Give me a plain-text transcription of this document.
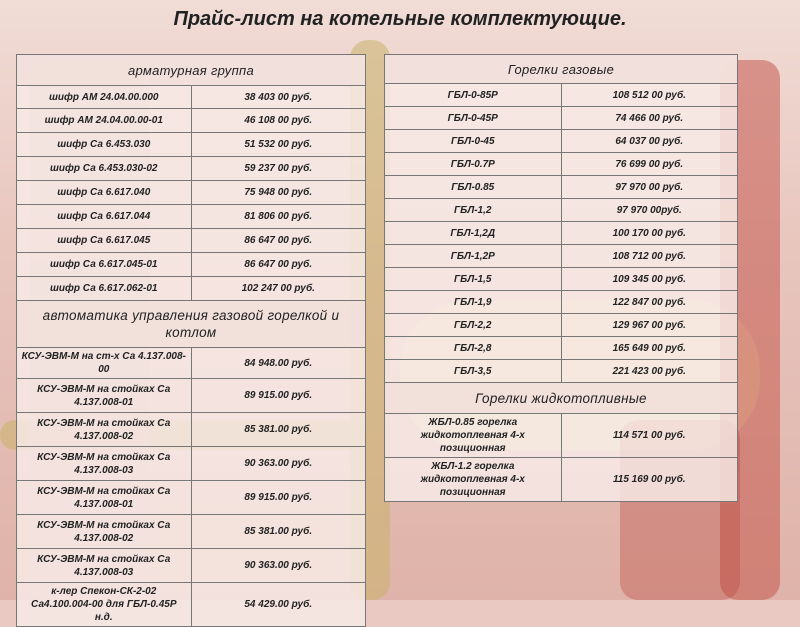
Прайс-лист на котельные комплектующие.
арматурная группа	
шифр АМ 24.04.00.000	38 403 00 руб.
шифр АМ 24.04.00.00-01	46 108 00 руб.
шифр Са 6.453.030	51 532 00 руб.
шифр Са 6.453.030-02	59 237 00 руб.
шифр Са 6.617.040	75 948 00 руб.
шифр Са 6.617.044	81 806 00 руб.
шифр Са 6.617.045	86 647 00 руб.
шифр Са 6.617.045-01	86 647 00 руб.
шифр Са 6.617.062-01	102 247 00 руб.
автоматика управления газовой горелкой и котлом	
КСУ-ЭВМ-М на ст-х Са 4.137.008-00	84 948.00 руб.
КСУ-ЭВМ-М на стойках Са 4.137.008-01	89 915.00 руб.
КСУ-ЭВМ-М на стойках Са 4.137.008-02	85 381.00 руб.
КСУ-ЭВМ-М на стойках Са 4.137.008-03	90 363.00 руб.
КСУ-ЭВМ-М на стойках Са 4.137.008-01	89 915.00 руб.
КСУ-ЭВМ-М на стойках Са 4.137.008-02	85 381.00 руб.
КСУ-ЭВМ-М на стойках Са 4.137.008-03	90 363.00 руб.
к-лер Спекон-СК-2-02 Са4.100.004-00 для ГБЛ-0.45Р н.д.	54 429.00 руб.
Горелки газовые	
ГБЛ-0-85Р	108 512 00 руб.
ГБЛ-0-45Р	74 466 00 руб.
ГБЛ-0-45	64 037 00 руб.
ГБЛ-0.7Р	76 699 00 руб.
ГБЛ-0.85	97 970 00 руб.
ГБЛ-1,2	97 970 00руб.
ГБЛ-1,2Д	100 170 00 руб.
ГБЛ-1,2Р	108 712 00 руб.
ГБЛ-1,5	109 345 00 руб.
ГБЛ-1,9	122 847 00 руб.
ГБЛ-2,2	129 967 00 руб.
ГБЛ-2,8	165 649 00 руб.
ГБЛ-3,5	221 423 00 руб.
Горелки жидкотопливные	
ЖБЛ-0.85 горелка жидкотоплевная 4-х позиционная	114 571 00 руб.
ЖБЛ-1.2 горелка жидкотоплевная 4-х позиционная	115 169 00 руб.
